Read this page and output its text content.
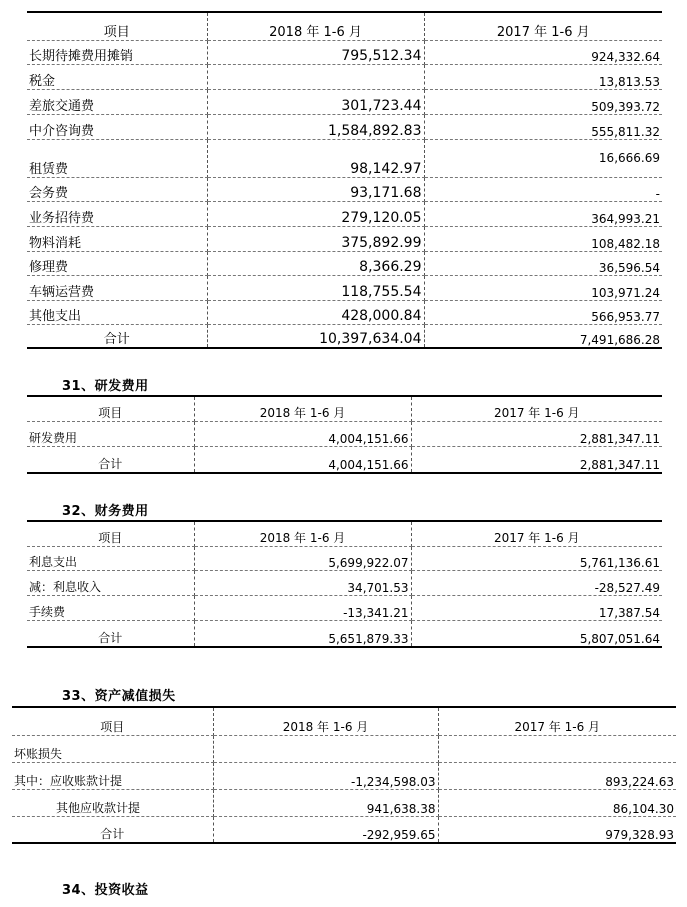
项目	2018 年 1-6 月	2017 年 1-6 月
长期待摊费用摊销	795,512.34	924,332.64
税金		13,813.53
差旅交通费	301,723.44	509,393.72
中介咨询费	1,584,892.83	555,811.32
租赁费	98,142.97	16,666.69
会务费	93,171.68	-
业务招待费	279,120.05	364,993.21
物料消耗	375,892.99	108,482.18
修理费	8,366.29	36,596.54
车辆运营费	118,755.54	103,971.24
其他支出	428,000.84	566,953.77
合计	10,397,634.04	7,491,686.28
31、研发费用
项目	2018 年 1-6 月	2017 年 1-6 月
研发费用	4,004,151.66	2,881,347.11
合计	4,004,151.66	2,881,347.11
32、财务费用
项目	2018 年 1-6 月	2017 年 1-6 月
利息支出	5,699,922.07	5,761,136.61
减：利息收入	34,701.53	-28,527.49
手续费	-13,341.21	17,387.54
合计	5,651,879.33	5,807,051.64
33、资产减值损失
项目	2018 年 1-6 月	2017 年 1-6 月
坏账损失		
其中：应收账款计提	-1,234,598.03	893,224.63
其他应收款计提	941,638.38	86,104.30
合计	-292,959.65	979,328.93
34、投资收益
